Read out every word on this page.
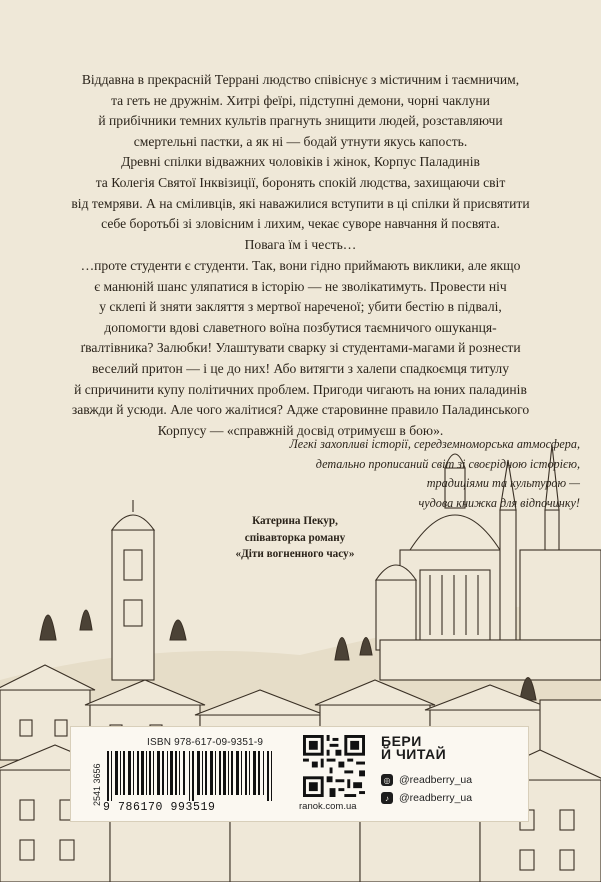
Віддавна в прекрасній Террані людство співіснує з містичним і таємничим,

та геть не дружнім. Хитрі феїрі, підступні демони, чорні чаклуни

й прибічники темних культів прагнуть знищити людей, розставляючи

смертельні пастки, а як ні — бодай утнути якусь капость.

Древні спілки відважних чоловіків і жінок, Корпус Паладинів

та Колегія Святої Інквізиції, боронять спокій людства, захищаючи світ

від темряви. А на сміливців, які наважилися вступити в ці спілки й присвятити

себе боротьбі зі зловісним і лихим, чекає суворе навчання й посвята.

Повага їм і честь…

…проте студенти є студенти. Так, вони гідно приймають виклики, але якщо

є манюній шанс уляпатися в історію — не зволікатимуть. Провести ніч

у склепі й зняти закляття з мертвої нареченої; убити бестію в підвалі,

допомогти вдові славетного воїна позбутися таємничого ошуканця-

ґвалтівника? Залюбки! Улаштувати сварку зі студентами-магами й рознести

веселий притон — і це до них! Або витягти з халепи спадкоємця титулу

й спричинити купу політичних проблем. Пригоди чигають на юних паладинів

завжди й усюди. Але чого жалітися? Адже старовинне правило Паладинського

Корпусу — «справжній досвід отримуєш в бою».

Легкі захопливі історії, середземноморська атмосфера,

детально прописаний світ зі своєрідною історією,

традиціями та культурою —

чудова книжка для відпочинку!

Катерина Пекур,
співавторка роману
«Діти вогненного часу»
ISBN 978-617-09-9351-9
2541 3656
9 786170 993519	ranok.com.ua
БЕРИ
Й ЧИТАЙ
◎ @readberry_ua
♪ @readberry_ua
